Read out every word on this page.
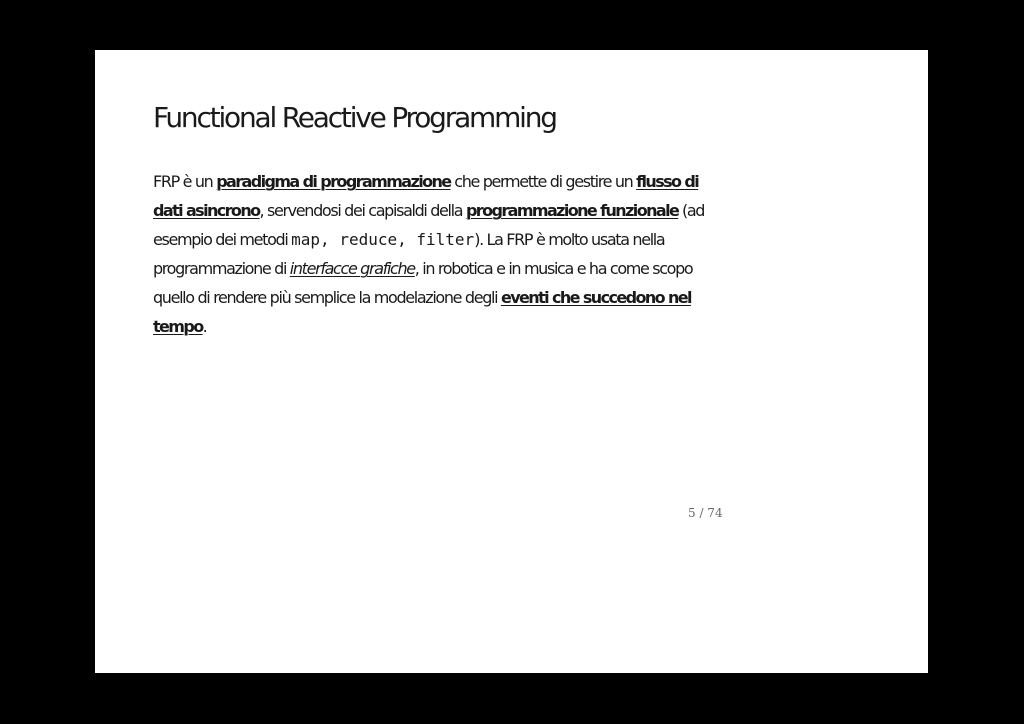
Functional Reactive Programming

FRP è un paradigma di programmazione che permette di gestire un flusso di dati asincrono, servendosi dei capisaldi della programmazione funzionale (ad esempio dei metodi map, reduce, filter). La FRP è molto usata nella programmazione di interfacce grafiche, in robotica e in musica e ha come scopo quello di rendere più semplice la modelazione degli eventi che succedono nel tempo.

5 / 74
